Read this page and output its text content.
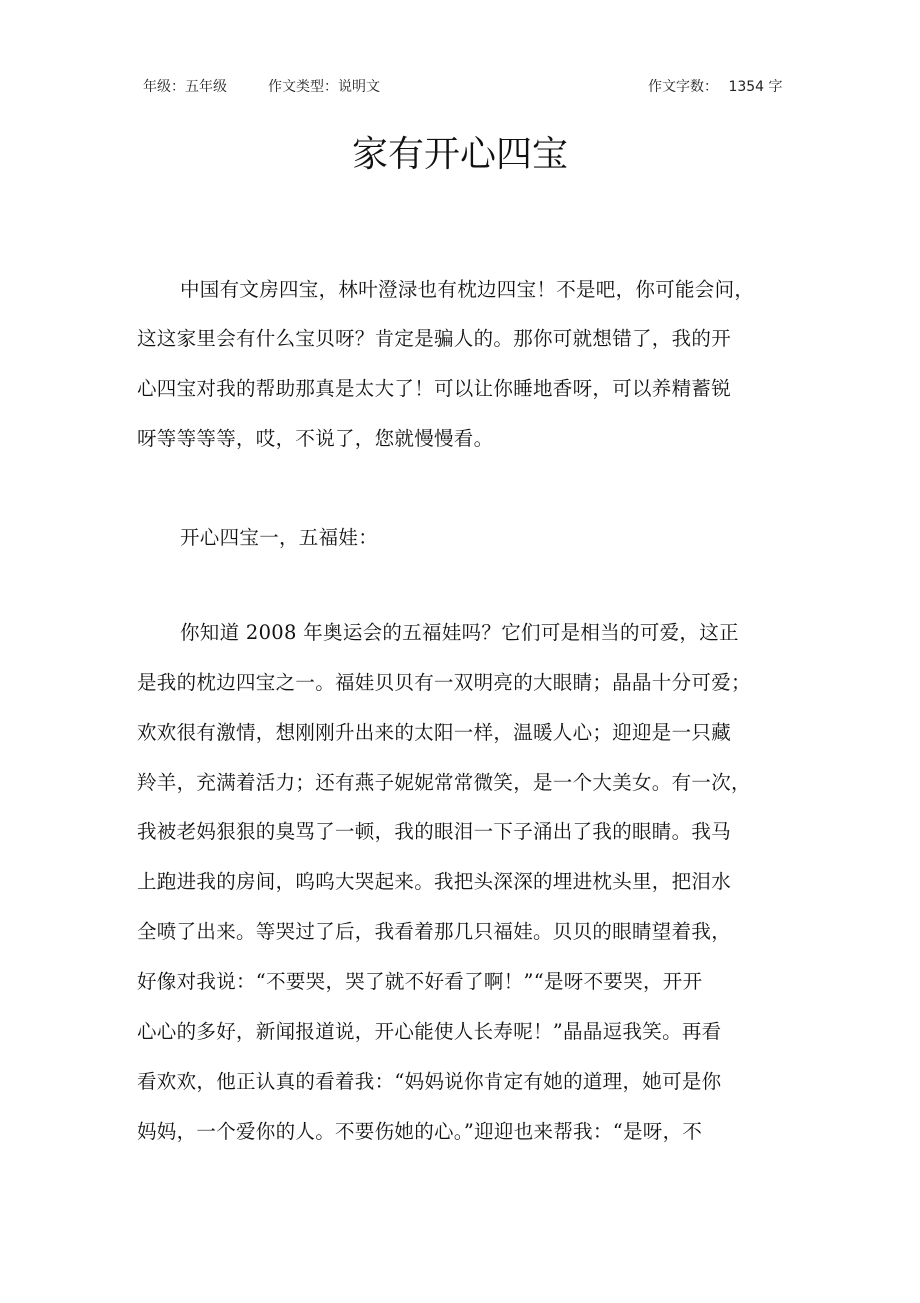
年级：五年级	作文类型：说明文	作文字数： 1354 字
家有开心四宝
中国有文房四宝，林叶澄渌也有枕边四宝！不是吧，你可能会问，
这这家里会有什么宝贝呀？肯定是骗人的。那你可就想错了，我的开
心四宝对我的帮助那真是太大了！可以让你睡地香呀，可以养精蓄锐
呀等等等等，哎，不说了，您就慢慢看。
开心四宝一，五福娃：
你知道 2008 年奥运会的五福娃吗？它们可是相当的可爱，这正
是我的枕边四宝之一。福娃贝贝有一双明亮的大眼睛；晶晶十分可爱；
欢欢很有激情，想刚刚升出来的太阳一样，温暖人心；迎迎是一只藏
羚羊，充满着活力；还有燕子妮妮常常微笑，是一个大美女。有一次，
我被老妈狠狠的臭骂了一顿，我的眼泪一下子涌出了我的眼睛。我马
上跑进我的房间，呜呜大哭起来。我把头深深的埋进枕头里，把泪水
全喷了出来。等哭过了后，我看着那几只福娃。贝贝的眼睛望着我，
好像对我说：“不要哭，哭了就不好看了啊！”“是呀不要哭，开开
心心的多好，新闻报道说，开心能使人长寿呢！”晶晶逗我笑。再看
看欢欢，他正认真的看着我：“妈妈说你肯定有她的道理，她可是你
妈妈，一个爱你的人。不要伤她的心。”迎迎也来帮我：“是呀，不
